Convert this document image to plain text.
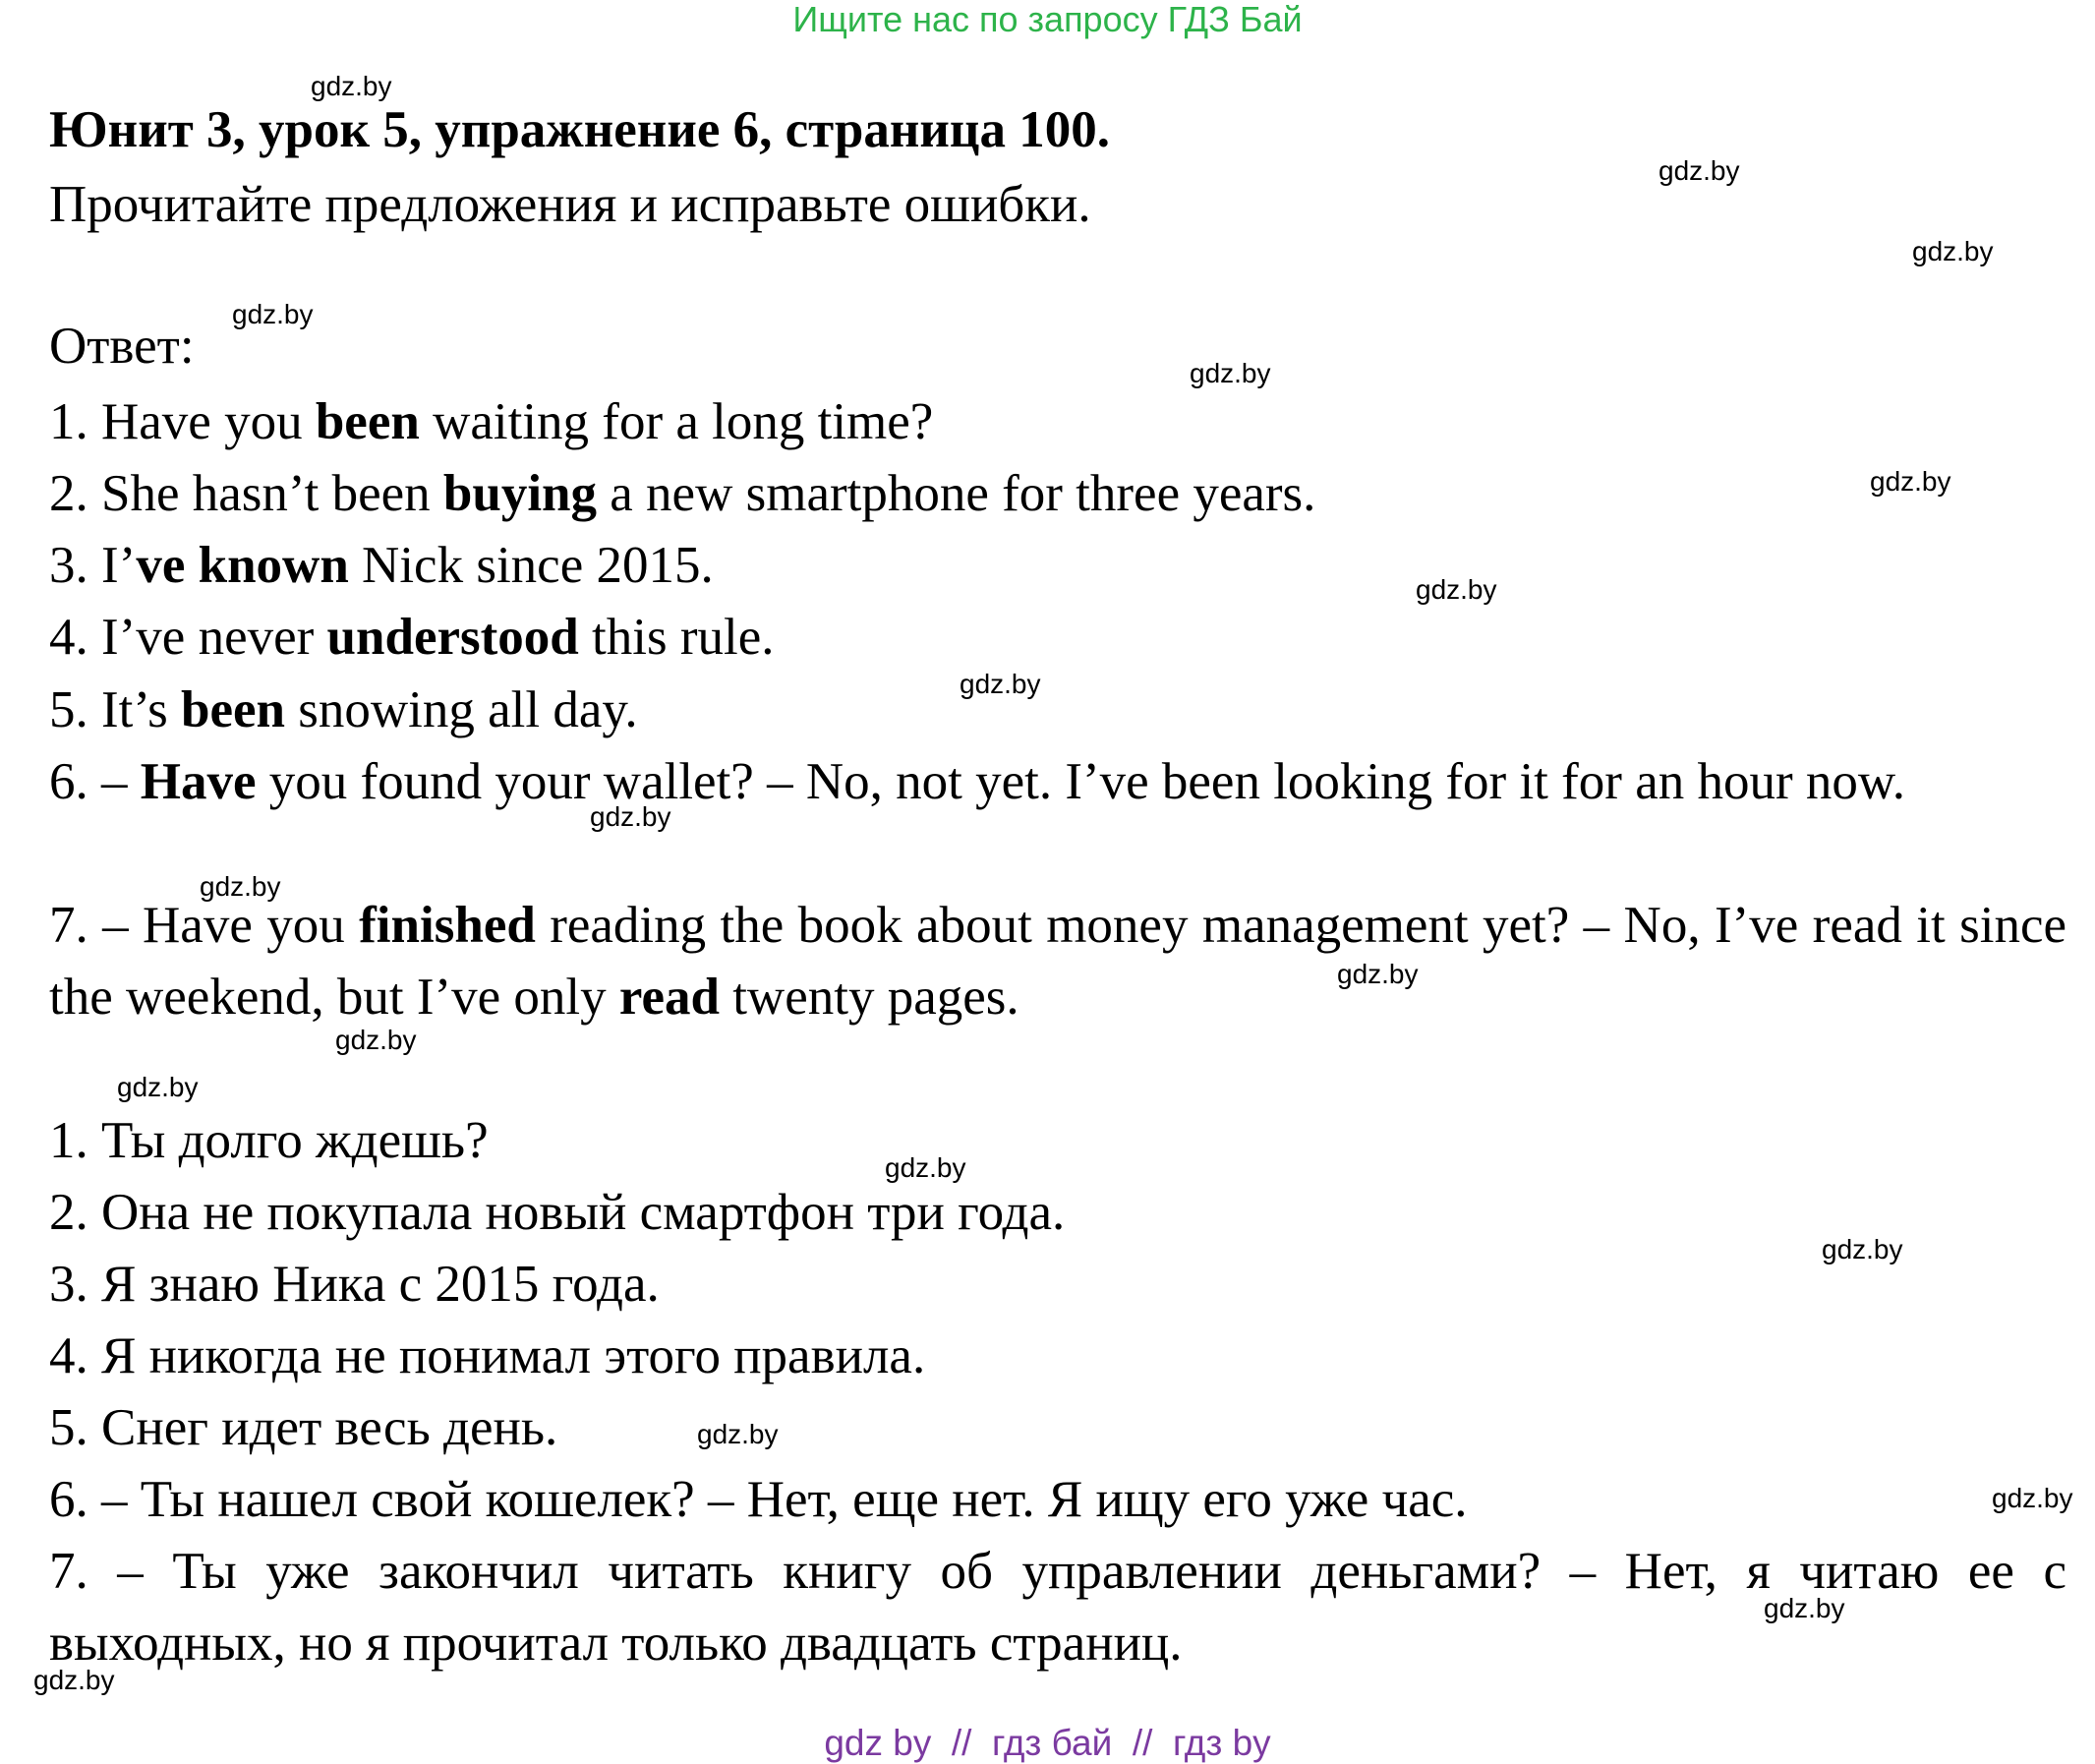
Ищите нас по запросу ГДЗ Бай
Юнит 3, урок 5, упражнение 6, страница 100.
Прочитайте предложения и исправьте ошибки.
Ответ:
1. Have you been waiting for a long time?
2. She hasn’t been buying a new smartphone for three years.
3. I’ve known Nick since 2015.
4. I’ve never understood this rule.
5. It’s been snowing all day.
6. – Have you found your wallet? – No, not yet. I’ve been looking for it for an hour now.
7. – Have you finished reading the book about money management yet? – No, I’ve read it since the weekend, but I’ve only read twenty pages.
1. Ты долго ждешь?
2. Она не покупала новый смартфон три года.
3. Я знаю Ника с 2015 года.
4. Я никогда не понимал этого правила.
5. Снег идет весь день.
6. – Ты нашел свой кошелек? – Нет, еще нет. Я ищу его уже час.
7. – Ты уже закончил читать книгу об управлении деньгами? – Нет, я читаю ее с выходных, но я прочитал только двадцать страниц.
gdz.by
gdz.by
gdz.by
gdz.by
gdz.by
gdz.by
gdz.by
gdz.by
gdz.by
gdz.by
gdz.by
gdz.by
gdz.by
gdz.by
gdz.by
gdz.by
gdz.by
gdz.by
gdz.by
gdz by  //  гдз бай  //  гдз by
